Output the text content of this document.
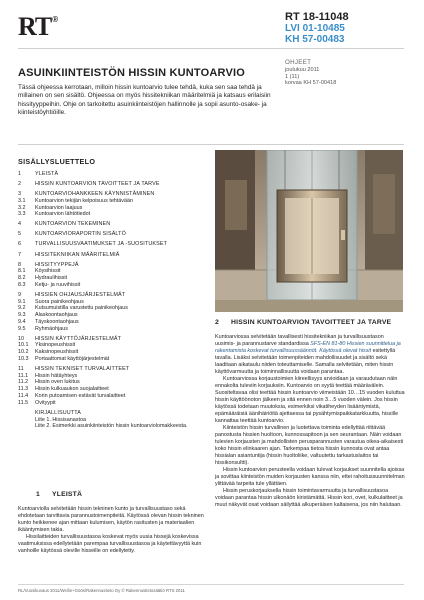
RT®	RT 18-11048
LVI 01-10485
KH 57-00483
ASUINKIINTEISTÖN HISSIN KUNTOARVIO
OHJEET
joulukuu 2011
1 (11)
korvaa KH 57-00418
Tässä ohjeessa kerrotaan, milloin hissin kuntoarvio tulee tehdä, kuka sen saa tehdä ja millainen on sen sisältö. Ohjeessa on myös hissitekniikan määritelmiä ja katsaus erilaisiin hissityyppeihin. Ohje on tarkoitettu asuinkiinteistöjen hallinnolle ja sopii asunto-osake- ja kiinteistöyhtiöille.
SISÄLLYSLUETTELO
1	YLEISTÄ
2	HISSIN KUNTOARVION TAVOITTEET JA TARVE
3	KUNTOARVIOHANKKEEN KÄYNNISTÄMINEN
3.1	Kuntoarvion tekijän kelpoisuus tehtävään
3.2	Kuntoarvion laajuus
3.3	Kuntoarvion lähtötiedot
4	KUNTOARVION TEKEMINEN
5	KUNTOARVIORAPORTIN SISÄLTÖ
6	TURVALLISUUSVAATIMUKSET JA -SUOSITUKSET
7	HISSITEKNIIKAN MÄÄRITELMIÄ
8	HISSITYYPPEJÄ
8.1	Köysihissit
8.2	Hydraulihissit
8.3	Ketju- ja ruuvihissit
9	HISSIEN OHJAUSJÄRJESTELMÄT
9.1	Suora painikeohjaus
9.2	Kutsumuistilla varustettu painikeohjaus
9.3	Alaskoontaohjaus
9.4	Täyskoontaohjaus
9.5	Ryhmäohjaus
10	HISSIN KÄYTTÖJÄRJESTELMÄT
10.1	Yksinopeushissit
10.2	Kaksinopeushissit
10.3	Portaattomat käyttöjärjestelmät
11	HISSIN TEKNISET TURVALAITTEET
11.1	Hissin hätäyhteys
11.2	Hissin oven lukitus
11.3	Hissin kulkuaukon suojalaitteet
11.4	Korin putoamisen estävät turvalaitteet
11.5	Ovityypit
KIRJALLISUUTTA
Liite 1. Hissisanastoa
Liite 2. Esimerkki asuinkiinteistön hissin kuntoarviolomakkeesta.
2 HISSIN KUNTOARVION TAVOITTEET JA TARVE

Kuntoarviossa selvitetään tavallisesti hissitekniikan ja turvallisuustason uusimis- ja parannustarve standardissa SFS-EN 81-80 Hissien suunnittelua ja rakentamista koskevat turvallisuussäännöt. Käytössä olevat hissit esitettyllä tavalla. Lisäksi selvitetään toimenpiteiden mahdollisuudet ja sisältö sekä laaditaan aikataulu niiden toteuttamiselle. Samalla selvitetään, miten hissin käyttövarmuutta ja toiminnallisuutta voidaan parantaa.

Kuntoarviossa korjaustoimien kiireellisyys arvioidaan ja varaudutaan näin ennakolta tuleviin korjauksiin. Kuntoarvio on syytä teettää määrävälein. Suositeltavaa olisi teettää hissin kuntoarvio viimeistään 10…15 vuoden kuluttua hissin käyttöönoton jälkeen ja sitä ennen noin 3…5 vuoden välein. Jos hissin käytössä todetaan muutoksia, esimerkiksi vikatiheyden lisääntymistä, epämääräisiä äänihäiriöitä ajettaessa tai pysähtymispaikkatarkkuutta, hissille kannattaa teettää kuntoarvio.

Kiinteistön hissin turvallinen ja luotettava toiminta edellyttää riittävää panostusta hissien huoltoon, kunnossapitoon ja sen seurantaan. Näin voidaan tulevien korjausten ja mahdollisten perusparannusten varautua oikea-aikaisesti koko hissin elinkaaren ajan. Tarkempaa tietoa hissin kunnosta ovat antaa hissialan asiantuntija (hissin huoltoliike, valtuutettu tarkastuslaitos tai hissikonsultti).

Hissin kuntoarvion perusteella voidaan tulevat korjaukset suunnitella ajoissa ja sovittaa kiinteistön muiden korjausten kanssa niin, ettei rahoitussuunnitelman ylittävää tarpeita tule yllättäen.

Hissin peruskorjauksella hissin toimintavarmuutta ja turvallisuustasoa voidaan parantaa hissin ulkonäön kiristämättä. Hissin kori, ovet, kulkulaitteet ja muut näkyvät osat voidaan säilyttää alkuperäisen kaltaisena, jos niin halutaan.

1 YLEISTÄ

Kuntoarviolla selvitetään hissin tekninen kunto ja turvallisuustaso sekä ehdotetaan tarvittavia parannustoimenpiteitä. Käytössä olevan hissin tekninen kunto heikkenee ajan mittaan kulumisen, käytön rasitusten ja materiaalien ikääntymisen takia.

Hissilaitteiden turvallisuustasoa koskevat myös uusia hissejä koskevissa vaatimuksissa edellytetään parempaa turvallisuustasoa ja käytettävyyttä kuin vanhoille käytössä oleville hisseille on edellytetty.

RL/Vuosikuvaus 2011/Weilin+Göös/Rakennustieto Oy © Rakennustietosäätiö RTS 2011
